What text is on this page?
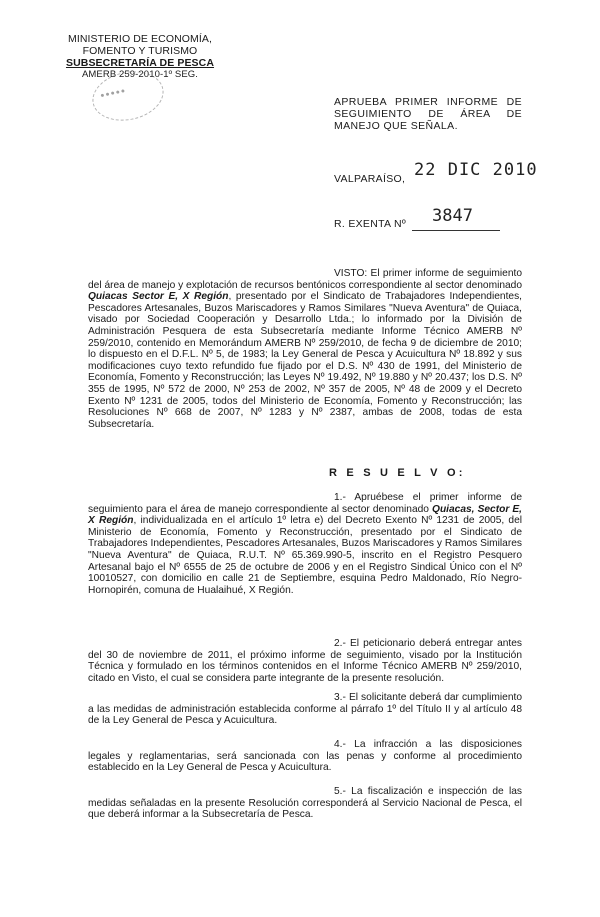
MINISTERIO DE ECONOMÍA,
FOMENTO Y TURISMO
SUBSECRETARÍA DE PESCA
AMERB 259-2010-1º SEG.
●●●●●
APRUEBA PRIMER INFORME DE SEGUIMIENTO DE ÁREA DE MANEJO QUE SEÑALA.
VALPARAÍSO, 22 DIC 2010
R. EXENTA Nº 3847
VISTO: El primer informe de seguimiento del área de manejo y explotación de recursos bentónicos correspondiente al sector denominado Quiacas Sector E, X Región, presentado por el Sindicato de Trabajadores Independientes, Pescadores Artesanales, Buzos Mariscadores y Ramos Similares "Nueva Aventura" de Quiaca, visado por Sociedad Cooperación y Desarrollo Ltda.; lo informado por la División de Administración Pesquera de esta Subsecretaría mediante Informe Técnico AMERB Nº 259/2010, contenido en Memorándum AMERB Nº 259/2010, de fecha 9 de diciembre de 2010; lo dispuesto en el D.F.L. Nº 5, de 1983; la Ley General de Pesca y Acuicultura Nº 18.892 y sus modificaciones cuyo texto refundido fue fijado por el D.S. Nº 430 de 1991, del Ministerio de Economía, Fomento y Reconstrucción; las Leyes Nº 19.492, Nº 19.880 y Nº 20.437; los D.S. Nº 355 de 1995, Nº 572 de 2000, Nº 253 de 2002, Nº 357 de 2005, Nº 48 de 2009 y el Decreto Exento Nº 1231 de 2005, todos del Ministerio de Economía, Fomento y Reconstrucción; las Resoluciones Nº 668 de 2007, Nº 1283 y Nº 2387, ambas de 2008, todas de esta Subsecretaría.
R E S U E L V O:
1.- Apruébese el primer informe de seguimiento para el área de manejo correspondiente al sector denominado Quiacas, Sector E, X Región, individualizada en el artículo 1º letra e) del Decreto Exento Nº 1231 de 2005, del Ministerio de Economía, Fomento y Reconstrucción, presentado por el Sindicato de Trabajadores Independientes, Pescadores Artesanales, Buzos Mariscadores y Ramos Similares "Nueva Aventura" de Quiaca, R.U.T. Nº 65.369.990-5, inscrito en el Registro Pesquero Artesanal bajo el Nº 6555 de 25 de octubre de 2006 y en el Registro Sindical Único con el Nº 10010527, con domicilio en calle 21 de Septiembre, esquina Pedro Maldonado, Río Negro-Hornopirén, comuna de Hualaihué, X Región.
2.- El peticionario deberá entregar antes del 30 de noviembre de 2011, el próximo informe de seguimiento, visado por la Institución Técnica y formulado en los términos contenidos en el Informe Técnico AMERB Nº 259/2010, citado en Visto, el cual se considera parte integrante de la presente resolución.
3.- El solicitante deberá dar cumplimiento a las medidas de administración establecida conforme al párrafo 1º del Título II y al artículo 48 de la Ley General de Pesca y Acuicultura.
4.- La infracción a las disposiciones legales y reglamentarias, será sancionada con las penas y conforme al procedimiento establecido en la Ley General de Pesca y Acuicultura.
5.- La fiscalización e inspección de las medidas señaladas en la presente Resolución corresponderá al Servicio Nacional de Pesca, el que deberá informar a la Subsecretaría de Pesca.
